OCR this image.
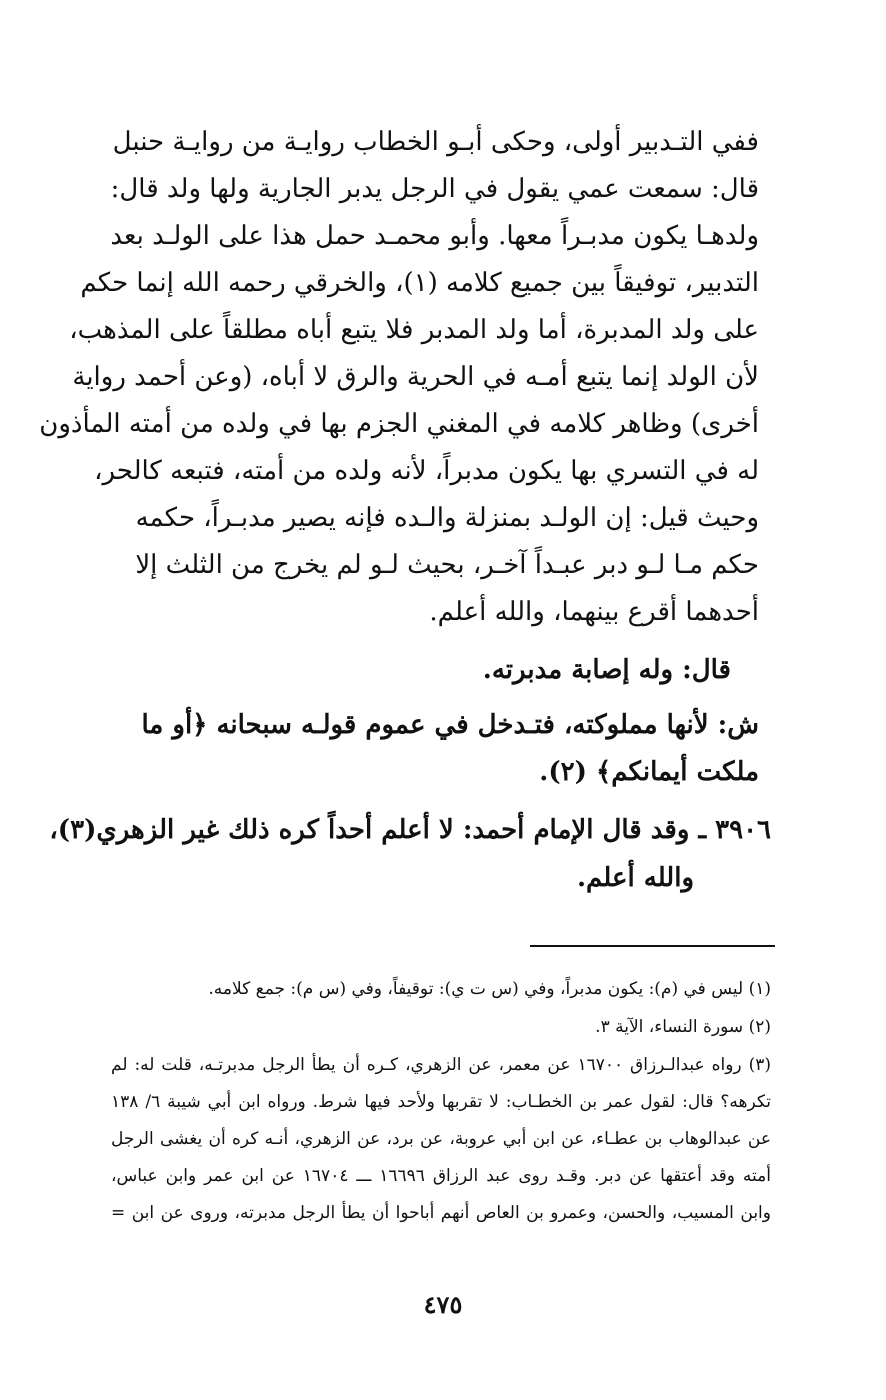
ففي التـدبير أولى، وحكى أبـو الخطاب روايـة من روايـة حنبل
قال: سمعت عمي يقول في الرجل يدبر الجارية ولها ولد قال:
ولدهـا يكون مدبـراً معها. وأبو محمـد حمل هذا على الولـد بعد
التدبير، توفيقاً بين جميع كلامه (١)، والخرقي رحمه الله إنما حكم
على ولد المدبرة، أما ولد المدبر فلا يتبع أباه مطلقاً على المذهب،
لأن الولد إنما يتبع أمـه في الحرية والرق لا أباه، (وعن أحمد رواية
أخرى) وظاهر كلامه في المغني الجزم بها في ولده من أمته المأذون
له في التسري بها يكون مدبراً، لأنه ولده من أمته، فتبعه كالحر،
وحيث قيل: إن الولـد بمنزلة والـده فإنه يصير مدبـراً، حكمه
حكم مـا لـو دبر عبـداً آخـر، بحيث لـو لم يخرج من الثلث إلا
أحدهما أقرع بينهما، والله أعلم.
قال: وله إصابة مدبرته.
ش: لأنها مملوكته، فتـدخل في عموم قولـه سبحانه ﴿أو ما
ملكت أيمانكم﴾ (٢).
٣٩٠٦ ـ وقد قال الإمام أحمد: لا أعلم أحداً كره ذلك غير الزهري(٣)،
والله أعلم.
(١) ليس في (م): يكون مدبراً، وفي (س ت ي): توقيفاً، وفي (س م): جمع كلامه.
(٢) سورة النساء، الآية ٣.
(٣) رواه عبدالـرزاق ١٦٧٠٠ عن معمر، عن الزهري، كـره أن يطأ الرجل مدبرتـه، قلت له: لم
تكرهه؟ قال: لقول عمر بن الخطـاب: لا تقربها ولأحد فيها شرط. ورواه ابن أبي شيبة ٦/ ١٣٨
عن عبدالوهاب بن عطـاء، عن ابن أبي عروبة، عن برد، عن الزهري، أنـه كره أن يغشى الرجل
أمته وقد أعتقها عن دبر. وقـد روى عبد الرزاق ١٦٦٩٦ ـــ ١٦٧٠٤ عن ابن عمر وابن عباس،
وابن المسيب، والحسن، وعمرو بن العاص أنهم أباحوا أن يطأ الرجل مدبرته، وروى عن ابن =
٤٧٥
